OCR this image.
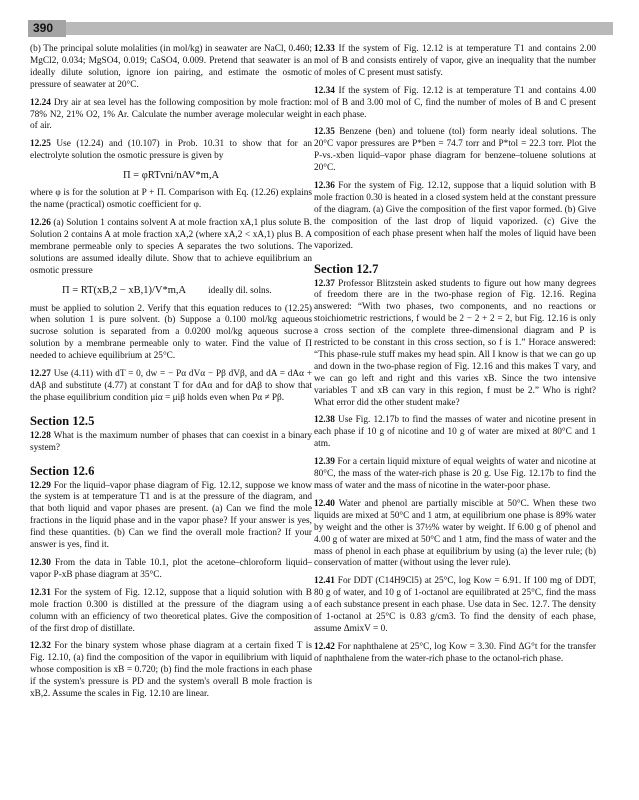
390

(b) The principal solute molalities (in mol/kg) in seawater are NaCl, 0.460; MgCl2, 0.034; MgSO4, 0.019; CaSO4, 0.009. Pretend that seawater is an ideally dilute solution, ignore ion pairing, and estimate the osmotic pressure of seawater at 20°C.

12.24 Dry air at sea level has the following composition by mole fraction: 78% N2, 21% O2, 1% Ar. Calculate the number average molecular weight of air.

12.25 Use (12.24) and (10.107) in Prob. 10.31 to show that for an electrolyte solution the osmotic pressure is given by

Π = φRTνni/nAV*m,A

where φ is for the solution at P + Π. Comparison with Eq. (12.26) explains the name (practical) osmotic coefficient for φ.

12.26 (a) Solution 1 contains solvent A at mole fraction xA,1 plus solute B. Solution 2 contains A at mole fraction xA,2 (where xA,2 < xA,1) plus B. A membrane permeable only to species A separates the two solutions. The solutions are assumed ideally dilute. Show that to achieve equilibrium an osmotic pressure

Π = RT(xB,2 − xB,1)/V*m,A ideally dil. solns.

must be applied to solution 2. Verify that this equation reduces to (12.25) when solution 1 is pure solvent. (b) Suppose a 0.100 mol/kg aqueous sucrose solution is separated from a 0.0200 mol/kg aqueous sucrose solution by a membrane permeable only to water. Find the value of Π needed to achieve equilibrium at 25°C.

12.27 Use (4.11) with dT = 0, dw = − Pα dVα − Pβ dVβ, and dA = dAα + dAβ and substitute (4.77) at constant T for dAα and for dAβ to show that the phase equilibrium condition μiα = μiβ holds even when Pα ≠ Pβ.

Section 12.5

12.28 What is the maximum number of phases that can coexist in a binary system?

Section 12.6

12.29 For the liquid–vapor phase diagram of Fig. 12.12, suppose we know the system is at temperature T1 and is at the pressure of the diagram, and that both liquid and vapor phases are present. (a) Can we find the mole fractions in the liquid phase and in the vapor phase? If your answer is yes, find these quantities. (b) Can we find the overall mole fraction? If your answer is yes, find it.

12.30 From the data in Table 10.1, plot the acetone–chloroform liquid–vapor P-xB phase diagram at 35°C.

12.31 For the system of Fig. 12.12, suppose that a liquid solution with B mole fraction 0.300 is distilled at the pressure of the diagram using a column with an efficiency of two theoretical plates. Give the composition of the first drop of distillate.

12.32 For the binary system whose phase diagram at a certain fixed T is Fig. 12.10, (a) find the composition of the vapor in equilibrium with liquid whose composition is xB = 0.720; (b) find the mole fractions in each phase if the system's pressure is PD and the system's overall B mole fraction is xB,2. Assume the scales in Fig. 12.10 are linear.

12.33 If the system of Fig. 12.12 is at temperature T1 and contains 2.00 mol of B and consists entirely of vapor, give an inequality that the number of moles of C present must satisfy.

12.34 If the system of Fig. 12.12 is at temperature T1 and contains 4.00 mol of B and 3.00 mol of C, find the number of moles of B and C present in each phase.

12.35 Benzene (ben) and toluene (tol) form nearly ideal solutions. The 20°C vapor pressures are P*ben = 74.7 torr and P*tol = 22.3 torr. Plot the P-vs.-xben liquid–vapor phase diagram for benzene–toluene solutions at 20°C.

12.36 For the system of Fig. 12.12, suppose that a liquid solution with B mole fraction 0.30 is heated in a closed system held at the constant pressure of the diagram. (a) Give the composition of the first vapor formed. (b) Give the composition of the last drop of liquid vaporized. (c) Give the composition of each phase present when half the moles of liquid have been vaporized.

Section 12.7

12.37 Professor Blitzstein asked students to figure out how many degrees of freedom there are in the two-phase region of Fig. 12.16. Regina answered: “With two phases, two components, and no reactions or stoichiometric restrictions, f would be 2 − 2 + 2 = 2, but Fig. 12.16 is only a cross section of the complete three-dimensional diagram and P is restricted to be constant in this cross section, so f is 1.” Horace answered: “This phase-rule stuff makes my head spin. All I know is that we can go up and down in the two-phase region of Fig. 12.16 and this makes T vary, and we can go left and right and this varies xB. Since the two intensive variables T and xB can vary in this region, f must be 2.” Who is right? What error did the other student make?

12.38 Use Fig. 12.17b to find the masses of water and nicotine present in each phase if 10 g of nicotine and 10 g of water are mixed at 80°C and 1 atm.

12.39 For a certain liquid mixture of equal weights of water and nicotine at 80°C, the mass of the water-rich phase is 20 g. Use Fig. 12.17b to find the mass of water and the mass of nicotine in the water-poor phase.

12.40 Water and phenol are partially miscible at 50°C. When these two liquids are mixed at 50°C and 1 atm, at equilibrium one phase is 89% water by weight and the other is 37½% water by weight. If 6.00 g of phenol and 4.00 g of water are mixed at 50°C and 1 atm, find the mass of water and the mass of phenol in each phase at equilibrium by using (a) the lever rule; (b) conservation of matter (without using the lever rule).

12.41 For DDT (C14H9Cl5) at 25°C, log Kow = 6.91. If 100 mg of DDT, 80 g of water, and 10 g of 1-octanol are equilibrated at 25°C, find the mass of each substance present in each phase. Use data in Sec. 12.7. The density of 1-octanol at 25°C is 0.83 g/cm3. To find the density of each phase, assume ΔmixV = 0.

12.42 For naphthalene at 25°C, log Kow = 3.30. Find ΔG°t for the transfer of naphthalene from the water-rich phase to the octanol-rich phase.
